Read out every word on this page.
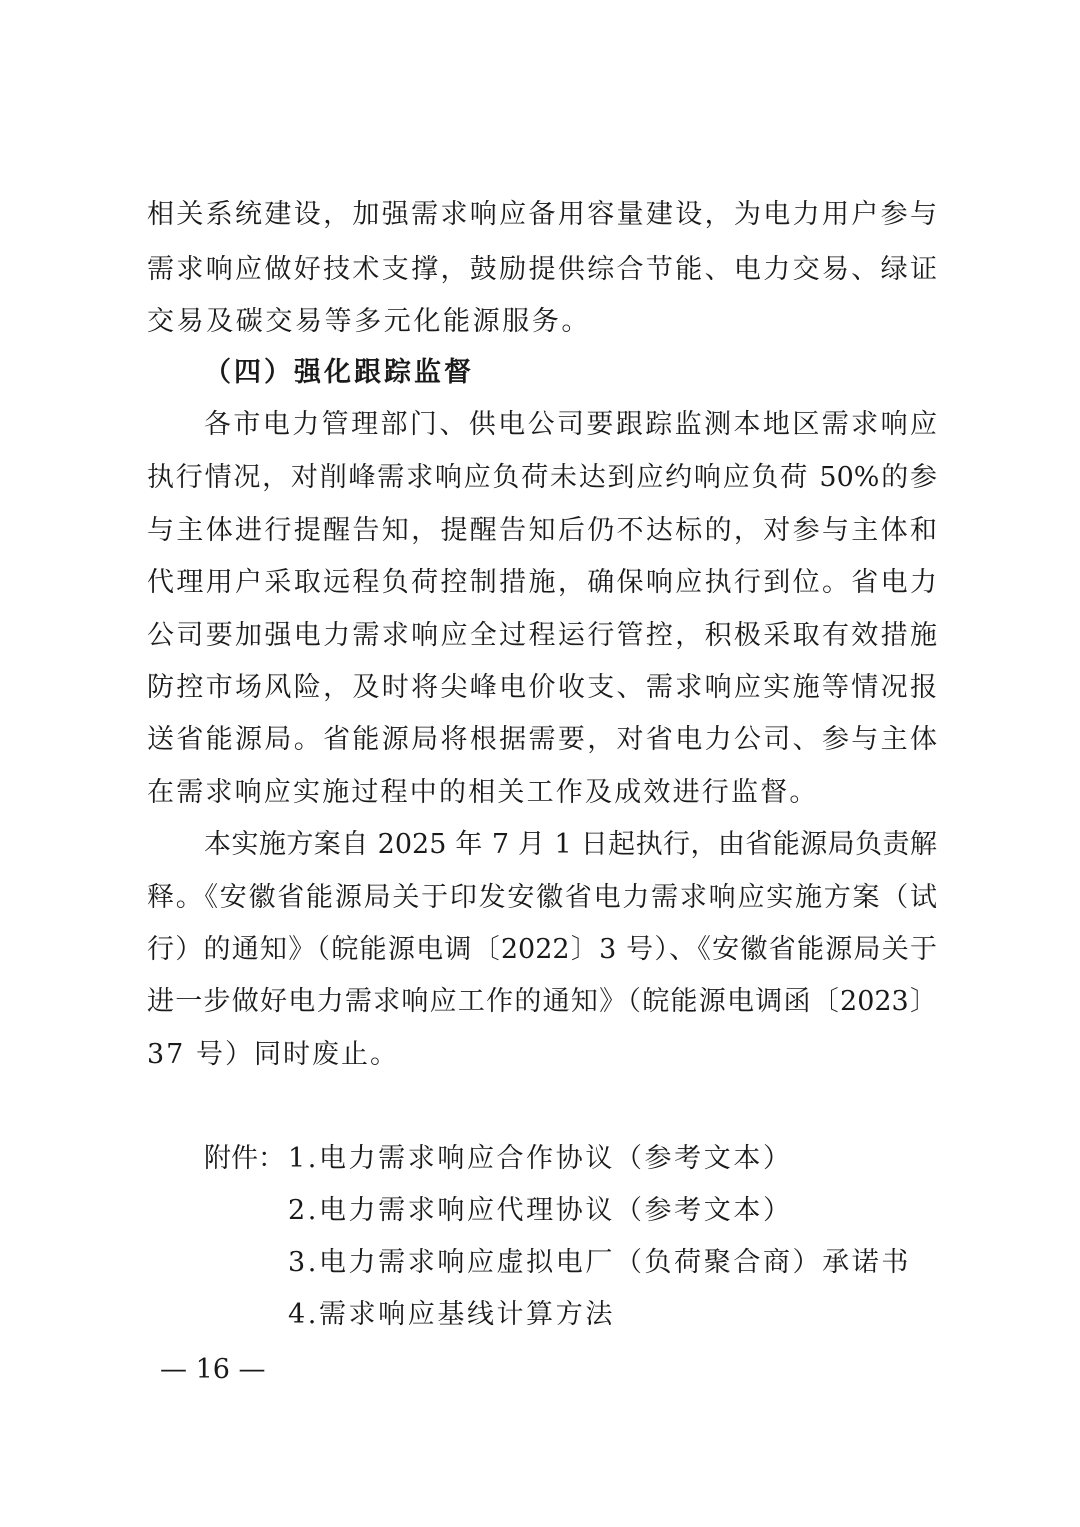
相关系统建设，加强需求响应备用容量建设，为电力用户参与
需求响应做好技术支撑，鼓励提供综合节能、电力交易、绿证
交易及碳交易等多元化能源服务。
（四）强化跟踪监督
各市电力管理部门、供电公司要跟踪监测本地区需求响应
执行情况，对削峰需求响应负荷未达到应约响应负荷 50%的参
与主体进行提醒告知，提醒告知后仍不达标的，对参与主体和
代理用户采取远程负荷控制措施，确保响应执行到位。省电力
公司要加强电力需求响应全过程运行管控，积极采取有效措施
防控市场风险，及时将尖峰电价收支、需求响应实施等情况报
送省能源局。省能源局将根据需要，对省电力公司、参与主体
在需求响应实施过程中的相关工作及成效进行监督。
本实施方案自 2025 年 7 月 1 日起执行，由省能源局负责解
释。《安徽省能源局关于印发安徽省电力需求响应实施方案（试
行）的通知》（皖能源电调〔2022〕3 号）、《安徽省能源局关于
进一步做好电力需求响应工作的通知》（皖能源电调函〔2023〕
37 号）同时废止。
附件： 1.电力需求响应合作协议（参考文本）
2.电力需求响应代理协议（参考文本）
3.电力需求响应虚拟电厂（负荷聚合商）承诺书
4.需求响应基线计算方法
— 16 —
